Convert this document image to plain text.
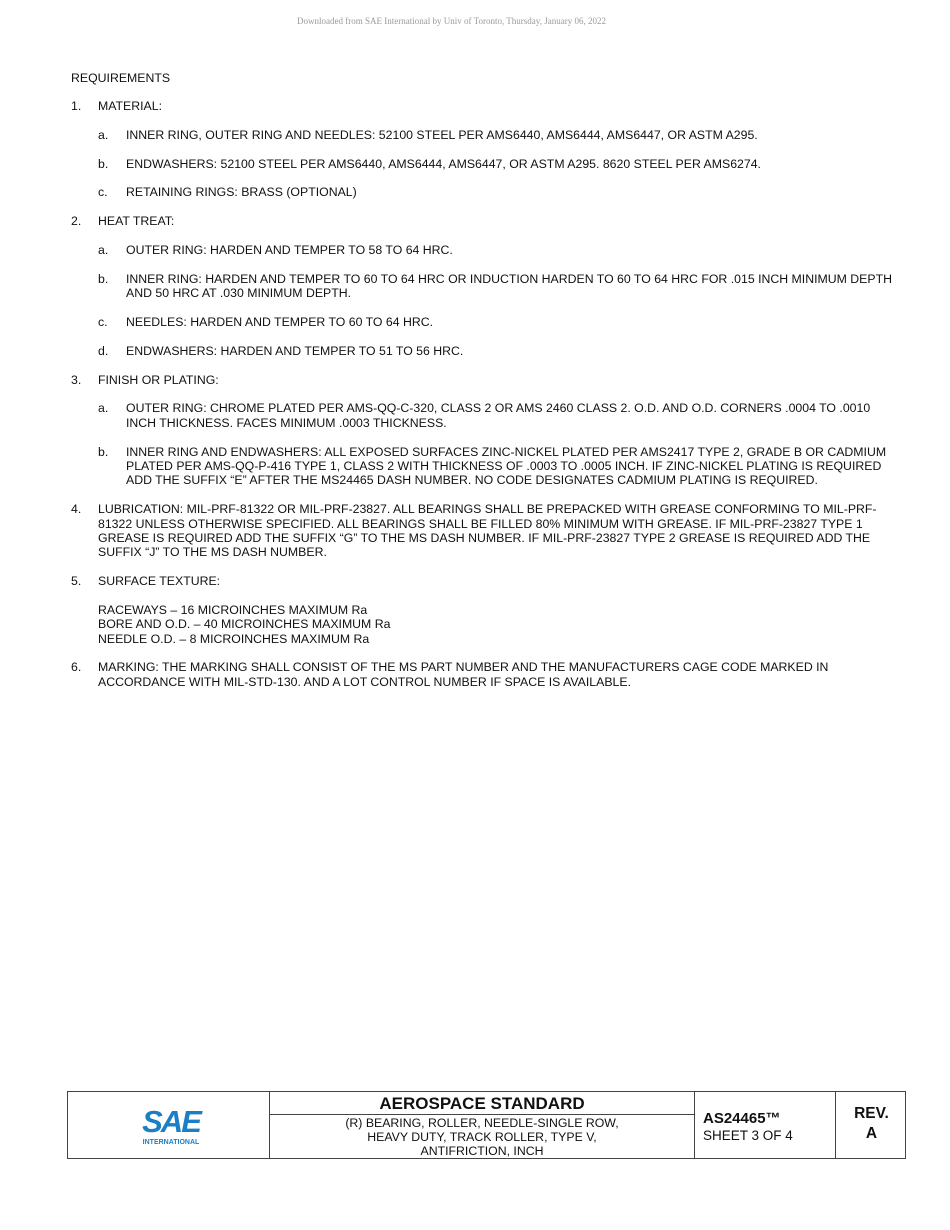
Downloaded from SAE International by Univ of Toronto, Thursday, January 06, 2022
REQUIREMENTS
1. MATERIAL:
a. INNER RING, OUTER RING AND NEEDLES: 52100 STEEL PER AMS6440, AMS6444, AMS6447, OR ASTM A295.
b. ENDWASHERS: 52100 STEEL PER AMS6440, AMS6444, AMS6447, OR ASTM A295. 8620 STEEL PER AMS6274.
c. RETAINING RINGS: BRASS (OPTIONAL)
2. HEAT TREAT:
a. OUTER RING: HARDEN AND TEMPER TO 58 TO 64 HRC.
b. INNER RING: HARDEN AND TEMPER TO 60 TO 64 HRC OR INDUCTION HARDEN TO 60 TO 64 HRC FOR .015 INCH MINIMUM DEPTH AND 50 HRC AT .030 MINIMUM DEPTH.
c. NEEDLES: HARDEN AND TEMPER TO 60 TO 64 HRC.
d. ENDWASHERS: HARDEN AND TEMPER TO 51 TO 56 HRC.
3. FINISH OR PLATING:
a. OUTER RING: CHROME PLATED PER AMS-QQ-C-320, CLASS 2 OR AMS 2460 CLASS 2. O.D. AND O.D. CORNERS .0004 TO .0010 INCH THICKNESS. FACES MINIMUM .0003 THICKNESS.
b. INNER RING AND ENDWASHERS: ALL EXPOSED SURFACES ZINC-NICKEL PLATED PER AMS2417 TYPE 2, GRADE B OR CADMIUM PLATED PER AMS-QQ-P-416 TYPE 1, CLASS 2 WITH THICKNESS OF .0003 TO .0005 INCH. IF ZINC-NICKEL PLATING IS REQUIRED ADD THE SUFFIX “E” AFTER THE MS24465 DASH NUMBER. NO CODE DESIGNATES CADMIUM PLATING IS REQUIRED.
4. LUBRICATION: MIL-PRF-81322 OR MIL-PRF-23827. ALL BEARINGS SHALL BE PREPACKED WITH GREASE CONFORMING TO MIL-PRF-81322 UNLESS OTHERWISE SPECIFIED. ALL BEARINGS SHALL BE FILLED 80% MINIMUM WITH GREASE. IF MIL-PRF-23827 TYPE 1 GREASE IS REQUIRED ADD THE SUFFIX “G” TO THE MS DASH NUMBER. IF MIL-PRF-23827 TYPE 2 GREASE IS REQUIRED ADD THE SUFFIX “J” TO THE MS DASH NUMBER.
5. SURFACE TEXTURE:
RACEWAYS – 16 MICROINCHES MAXIMUM Ra
BORE AND O.D. – 40 MICROINCHES MAXIMUM Ra
NEEDLE O.D. – 8 MICROINCHES MAXIMUM Ra
6. MARKING: THE MARKING SHALL CONSIST OF THE MS PART NUMBER AND THE MANUFACTURERS CAGE CODE MARKED IN ACCORDANCE WITH MIL-STD-130. AND A LOT CONTROL NUMBER IF SPACE IS AVAILABLE.
SAE
INTERNATIONAL
AEROSPACE STANDARD
(R) BEARING, ROLLER, NEEDLE-SINGLE ROW,
HEAVY DUTY, TRACK ROLLER, TYPE V,
ANTIFRICTION, INCH
AS24465™
SHEET 3 OF 4
REV.
A
